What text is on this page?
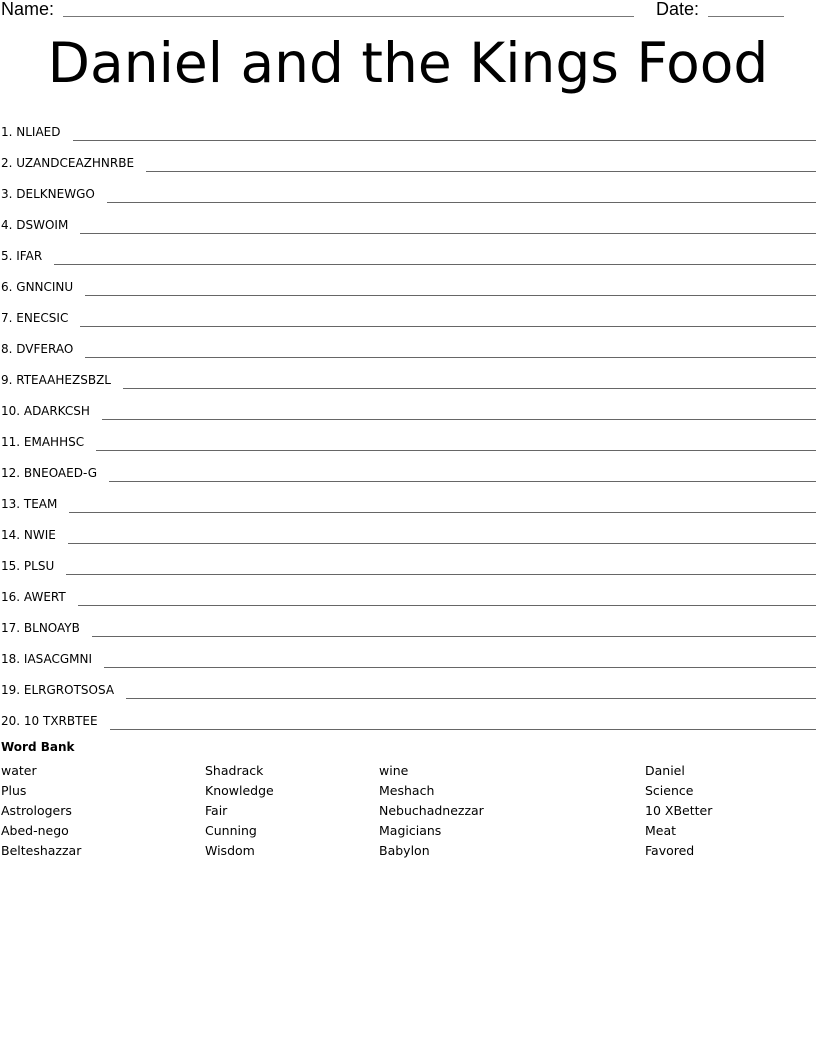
Name:	Date:
Daniel and the Kings Food
1. NLIAED
2. UZANDCEAZHNRBE
3. DELKNEWGO
4. DSWOIM
5. IFAR
6. GNNCINU
7. ENECSIC
8. DVFERAO
9. RTEAAHEZSBZL
10. ADARKCSH
11. EMAHHSC
12. BNEOAED-G
13. TEAM
14. NWIE
15. PLSU
16. AWERT
17. BLNOAYB
18. IASACGMNI
19. ELRGROTSOSA
20. 10 TXRBTEE
Word Bank
water
Plus
Astrologers
Abed-nego
Belteshazzar
Shadrack
Knowledge
Fair
Cunning
Wisdom
wine
Meshach
Nebuchadnezzar
Magicians
Babylon
Daniel
Science
10 XBetter
Meat
Favored
